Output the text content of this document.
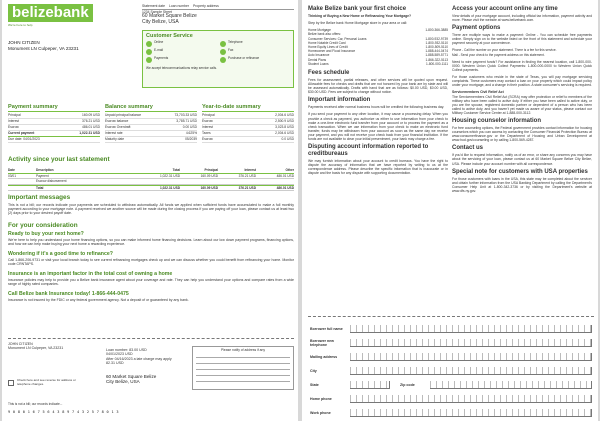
belizebank
We're here to help
Statement date Loan number Property address
1234 Sample Street
60 Market Square Belize
City Belize, USA
Customer Service
Online	Telephone
E-mail	Fax
Payments	Purchase or refinance
We accept telecommunications relay service calls.
JOHN CITIZEN
Monument LN Culpeper, VA 23231
Payment summary
Principal	160.09 USD
Interest	376.21 USD
Escrow	486.01 USD
Current payment	1,022.31 USD
Due date: 04/01/2023
Balance summary
Unpaid principal balance	73,703.33 USD
Escrow balance	3,785.71 USD
Escrow Overdraft	0.00 USD
Interest rate	4.625%
Maturity date	05/2039
Year-to-date summary
Principal	2,004.6 USD
Escrow	2,500.9 USD
Interest	3,023.8 USD
Taxes	2,004.6 USD
Escrow	0.0 USD
Activity since your last statement
Date	Description	Total	Principal	Interest	Other
03/01	Payment	1,022.31 USD	160.09 USD	376.21 USD	486.01 USD
Escrow disbursement
Total	1,022.31 USD	160.09 USD	376.21 USD	486.01 USD
Important messages
This is not a bill; our records indicate your payments are scheduled to withdraw automatically. All funds we applied when sufficient funds have accumulated to make a full monthly payment according to your mortgage note. A payment received we another source will be made during the closing process if you are paying off your loan, please contact us at least two (2) days prior to your desired payoff date.
For your consideration
Ready to buy your next home?
We're here to help you understand your home financing options, so you can make informed home financing decisions. Learn about our low down payment programs, financing options, and how we can help make buying your next home a rewarding experience.
Wondering if it's a good time to refinance?
Call 1-866-206-9731 or visit your local branch today to see current refinancing mortgages check up and we can discuss whether you could benefit from refinancing your home. Monitor code CRNTAPS.
Insurance is an important factor in the total cost of owning a home
Insurance policies may help to provide you a Belize bank insurance agent about your coverage and rate. They can help you understand your options and compare rates from a wide range of highly rated companies.
Call Belize bank Insurance today! 1-866-444-0475
Insurance is not insured by the FDIC or any federal government agency. Not a deposit of or guaranteed by any bank.
JOHN CITIZEN
Monument LN Culpeper, VA 23231	Loan number: 83.00 USD
04/01/2023 USD
After 04/16/2023 a late charge may apply
82.31 USD
Please notify of address if any
Check here and see reverse for address or telephone changes.
60 Market Square Belize
City Belize, USA
This is not a bill; our records indicate...
9 0 8 0 1 6 7 5 6 4 3 8 9 7 4 3 2 5 7 8 0 1 3
Make Belize bank your first choice
Thinking of Buying a New Home or Refinancing Your Mortgage?
Step by the Belize bank Home Mortgage store in your area or call:
Home Mortgage	1-800-366-3885
Belize bank also offers:
Consumer Services: Car, Personal Loans	1-800-932-9739
Home Notable Credit Card	1-800-932-5110
Home Equity Lines of Credit	1-800-509-5110
Homeowner and Flood Insurance	1-888-444-0474
Auto Insurance	1-888-589-5771
Dental Plans	1-866-322-5113
Student Loans	1-800-000-1111
Fees schedule
Fees for assessment, partial releases, and other services will be quoted upon request. Allowable fees for checks and drafts that are not honored by your bank are by state and will be assessed automatically. Drafts with hand that are as follows: $0.00 USD, $0.00 USD, $30.00 USD. Fees are subject to change without notice.
Important information
Payments received after normal business hours will be credited the following business day.
If you send your payment to any other location, it may cause a processing delay. When you provide a check as payment, you authorize us either to use information from your check to make a one-time electronic fund transfer from your account or to process the payment as a check transaction. When we use information from your check to make an electronic fund transfer, funds may be withdrawn from your account as soon as the same day we receive your payment, and you will not receive your check back from your financial institution. If the funds are not available to clear your initial presentment, your bank may charge a fee.
Disputing account information reported to creditbureaus
We may furnish information about your account to credit bureaus. You have the right to dispute the accuracy of information that we have reported by writing to us at the correspondence address. Please describe the specific information that is inaccurate or in dispute and the basis for any dispute with supporting documentation.
Access your account online any time
View details of your mortgage account, including official tax information, payment activity and more. Please visit the website at www.belizebank.com.
Payment options
There are multiple ways to make a payment: Online - You can schedule free payments online. Simply sign on to the website listed on the front of this statement and schedule your payment securely at your convenience.
Phone - Call the number on your statement. There is a fee for this service.
Mail - Send your check to the payment address on this statement.
Need to wire payment funds? For assistance in finding the nearest location, call 1-800-000-0000. Western Union Quick Collect Payments: 1-800-000-0000 to Western Union Quick Collect payments.
For those customers who reside in the state of Texas, you will pay mortgage servicing complaints. These customers may contact a loan on your property which could impact policy under your mortgage, and a change in their position. A state consumer's servicing is required.
Servicemembers Civil Relief Act
The Servicemembers Civil Relief Act (SCRA) may offer protection or relief to members of the military who have been called to active duty. If either you have been called to active duty, or you are the spouse, registered domestic partner or dependent of a person who has been called to active duty, and you haven't yet made us aware of your status, please contact our Military Customer Service Center at 1-888-000-3112.
Housing counselor information
For free counseling options, the Federal government provides contact information for housing counselors which you can access by contacting the Consumer Financial Protection Bureau at www.consumerfinance.gov or the Department of Housing and Urban Development at www.hud.gov/counseling or by calling 1-800-569-4287.
Contact us
If you'd like to request information, notify us of an error, or share any concerns you may have about the servicing of your loan, please contact us at 60 Market Square Belize City Belize, USA. Please include your account number with all correspondence.
Special note for customers with USA properties
For those customers with loans in the USA, this state may be completed about the servicer and obtain further information from the USA Banking Department by calling the Department's Consumer Help Unit at 1-800-342-3736 or by visiting the Department's website at www.dfs.ny.gov.
Borrower full name
Borrower new telephone
Mailing address
City
State	Zip code
Home phone
Work phone
